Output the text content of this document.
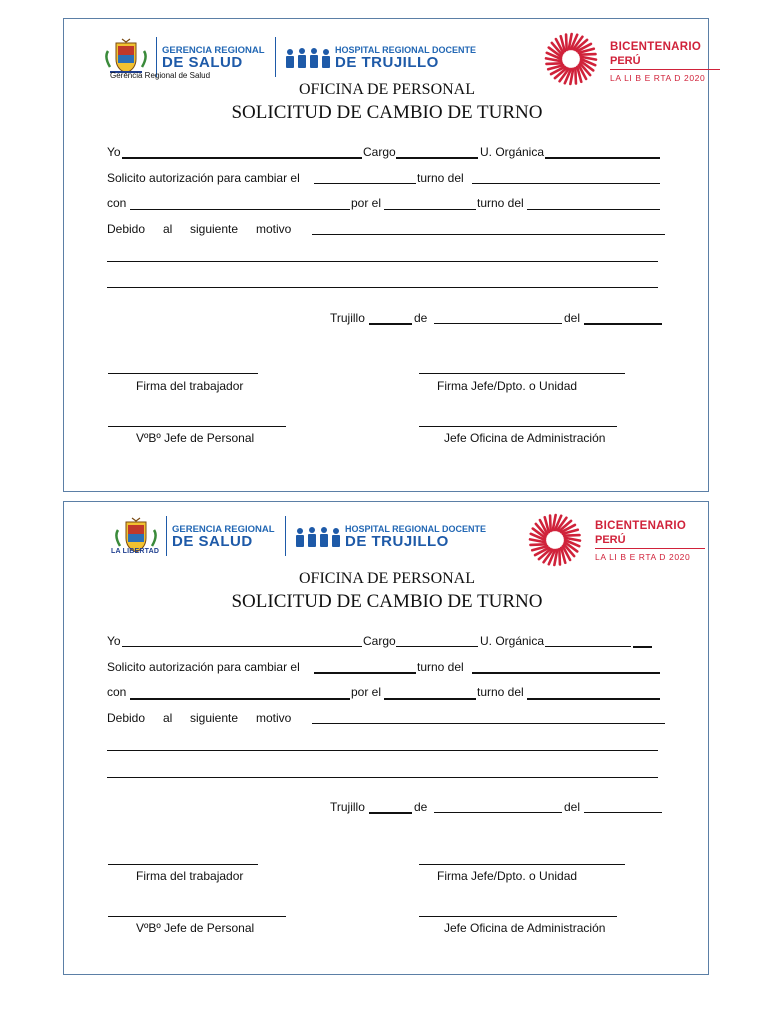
GERENCIA REGIONAL
DE SALUD
Gerencia Regional de Salud
HOSPITAL REGIONAL DOCENTE
DE TRUJILLO
BICENTENARIO
PERÚ
LA LI B E RTA D 2020
OFICINA DE PERSONAL
SOLICITUD DE CAMBIO DE TURNO
Yo	Cargo	U. Orgánica
Solicito autorización para cambiar el	turno del
con	por el	turno del
Debido al siguiente motivo
Trujillo	de	del
Firma del trabajador	Firma Jefe/Dpto. o Unidad
VºBº Jefe de Personal	Jefe Oficina de Administración
LA LIBERTAD
GERENCIA REGIONAL
DE SALUD
HOSPITAL REGIONAL DOCENTE
DE TRUJILLO
BICENTENARIO
PERÚ
LA LI B E RTA D 2020
OFICINA DE PERSONAL
SOLICITUD DE CAMBIO DE TURNO
Yo	Cargo	U. Orgánica
Solicito autorización para cambiar el	turno del
con	por el	turno del
Debido al siguiente motivo
Trujillo	de	del
Firma del trabajador	Firma Jefe/Dpto. o Unidad
VºBº Jefe de Personal	Jefe Oficina de Administración
